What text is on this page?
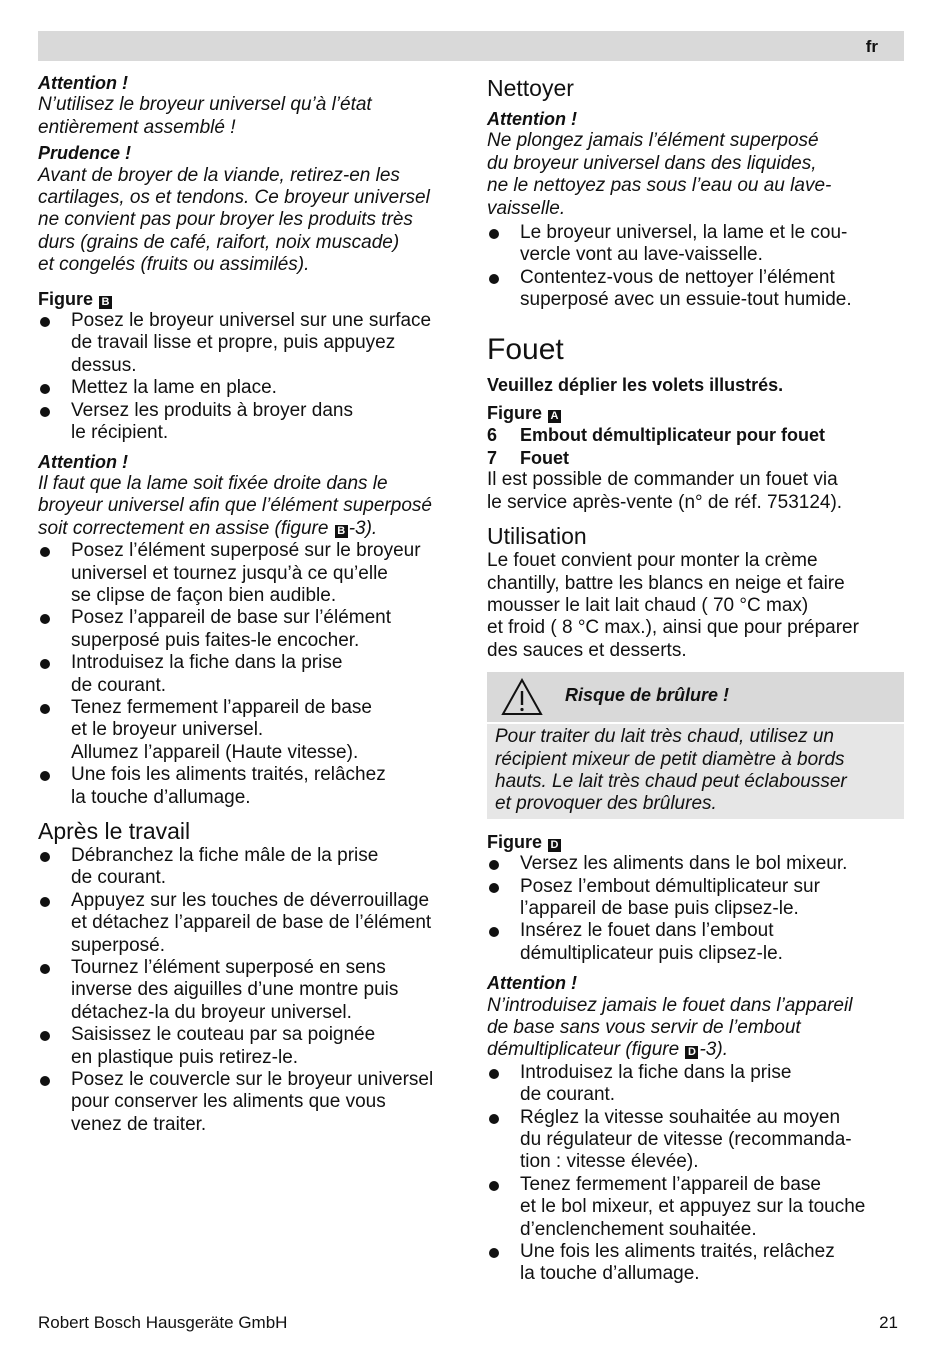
fr
Attention !
N’utilisez le broyeur universel qu’à l’état
entièrement assemblé !
Prudence !
Avant de broyer de la viande, retirez-en les
cartilages, os et tendons. Ce broyeur universel
ne convient pas pour broyer les produits très
durs (grains de café, raifort, noix muscade)
et congelés (fruits ou assimilés).
Figure B
Posez le broyeur universel sur une surface
de travail lisse et propre, puis appuyez
dessus.
Mettez la lame en place.
Versez les produits à broyer dans
le récipient.
Attention !
Il faut que la lame soit fixée droite dans le
broyeur universel afin que l’élément superposé
soit correctement en assise (figure B -3).
Posez l’élément superposé sur le broyeur
universel et tournez jusqu’à ce qu’elle
se clipse de façon bien audible.
Posez l’appareil de base sur l’élément
superposé puis faites-le encocher.
Introduisez la fiche dans la prise
de courant.
Tenez fermement l’appareil de base
et le broyeur universel.
Allumez l’appareil (Haute vitesse).
Une fois les aliments traités, relâchez
la touche d’allumage.
Après le travail
Débranchez la fiche mâle de la prise
de courant.
Appuyez sur les touches de déverrouillage
et détachez l’appareil de base de l’élément
superposé.
Tournez l’élément superposé en sens
inverse des aiguilles d’une montre puis
détachez-la du broyeur universel.
Saisissez le couteau par sa poignée
en plastique puis retirez-le.
Posez le couvercle sur le broyeur universel
pour conserver les aliments que vous
venez de traiter.
Nettoyer
Attention !
Ne plongez jamais l’élément superposé
du broyeur universel dans des liquides,
ne le nettoyez pas sous l’eau ou au lave-
vaisselle.
Le broyeur universel, la lame et le cou-
vercle vont au lave-vaisselle.
Contentez-vous de nettoyer l’élément
superposé avec un essuie-tout humide.
Fouet
Veuillez déplier les volets illustrés.
Figure A
6 Embout démultiplicateur pour fouet
7 Fouet
Il est possible de commander un fouet via
le service après-vente (n° de réf. 753124).
Utilisation
Le fouet convient pour monter la crème
chantilly, battre les blancs en neige et faire
mousser le lait lait chaud ( 70 °C max)
et froid ( 8 °C max.), ainsi que pour préparer
des sauces et desserts.
Risque de brûlure !
Pour traiter du lait très chaud, utilisez un
récipient mixeur de petit diamètre à bords
hauts. Le lait très chaud peut éclabousser
et provoquer des brûlures.
Figure D
Versez les aliments dans le bol mixeur.
Posez l’embout démultiplicateur sur
l’appareil de base puis clipsez-le.
Insérez le fouet dans l’embout
démultiplicateur puis clipsez-le.
Attention !
N’introduisez jamais le fouet dans l’appareil
de base sans vous servir de l’embout
démultiplicateur (figure D -3).
Introduisez la fiche dans la prise
de courant.
Réglez la vitesse souhaitée au moyen
du régulateur de vitesse (recommanda-
tion : vitesse élevée).
Tenez fermement l’appareil de base
et le bol mixeur, et appuyez sur la touche
d’enclenchement souhaitée.
Une fois les aliments traités, relâchez
la touche d’allumage.
Robert Bosch Hausgeräte GmbH	21
